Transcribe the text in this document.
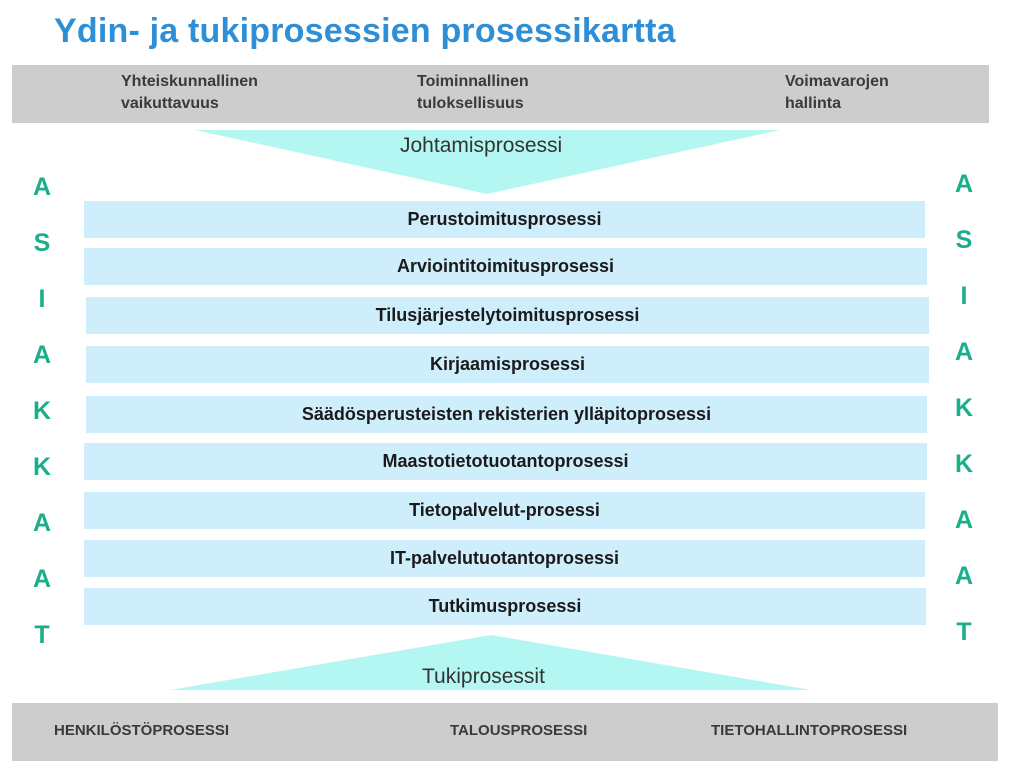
Ydin- ja tukiprosessien prosessikartta
Yhteiskunnallinen
vaikuttavuus
Toiminnallinen
tuloksellisuus
Voimavarojen
hallinta
Johtamisprosessi
A
S
I
A
K
K
A
A
T
A
S
I
A
K
K
A
A
T
Perustoimitusprosessi
Arviointitoimitusprosessi
Tilusjärjestelytoimitusprosessi
Kirjaamisprosessi
Säädösperusteisten rekisterien ylläpitoprosessi
Maastotietotuotantoprosessi
Tietopalvelut-prosessi
IT-palvelutuotantoprosessi
Tutkimusprosessi
Tukiprosessit
HENKILÖSTÖPROSESSI	TALOUSPROSESSI	TIETOHALLINTOPROSESSI
